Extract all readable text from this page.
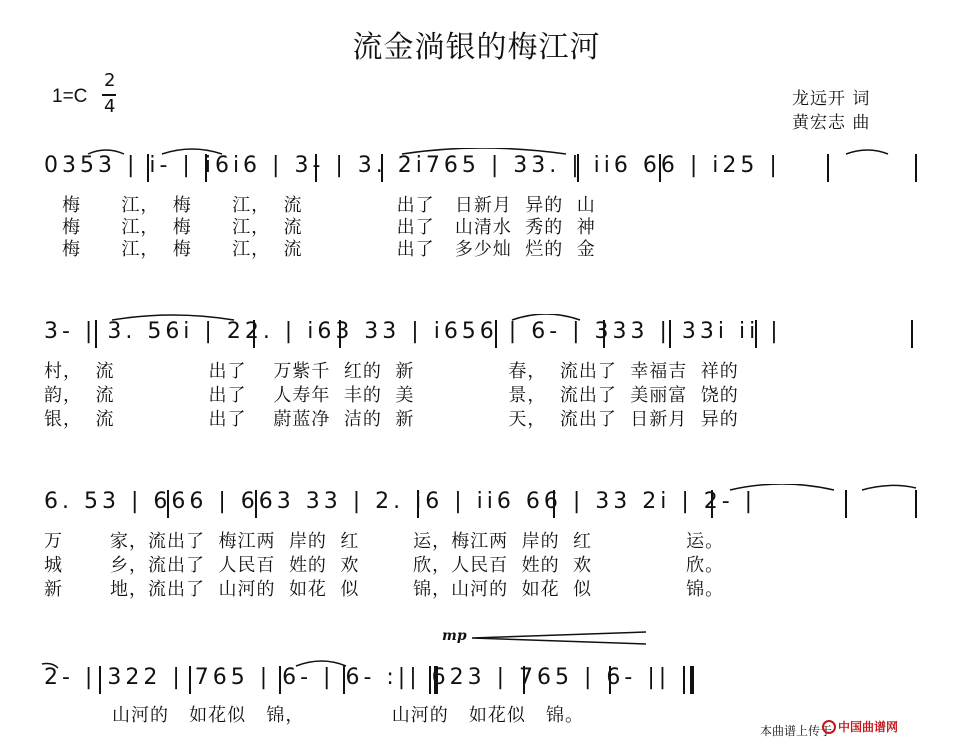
流金淌银的梅江河
1=C
2
4	龙远开 词
黄宏志 曲
0353 | i- | i6i6 | 3- | 3. 2i765 | 33. | ii6 66 | i25 |
梅      江，  梅      江，  流              出了   日新月  异的  山
梅      江，  梅      江，  流              出了   山清水  秀的  神
梅      江，  梅      江，  流              出了   多少灿  烂的  金
3- | 3. 56i | 22. | i63 33 | i656 | 6- | 333 | 33i ii |
村，  流              出了    万紫千  红的  新              春，  流出了  幸福吉  祥的
韵，  流              出了    人寿年  丰的  美              景，  流出了  美丽富  饶的
银，  流              出了    蔚蓝净  洁的  新              天，  流出了  日新月  异的
6. 53 | 666 | 663 33 | 2. i6 | ii6 66 | 33 2i | 2- |
万       家，流出了  梅江两  岸的  红        运，梅江两  岸的  红              运。
城       乡，流出了  人民百  姓的  欢        欣，人民百  姓的  欢              欣。
新       地，流出了  山河的  如花  似        锦，山河的  如花  似              锦。
mp
2- | 322 | 765 | 6- | 6- :|| 623 | 765 | 6- ||
山河的   如花似   锦，             山河的   如花似   锦。
本曲谱上传于 中国曲谱网
